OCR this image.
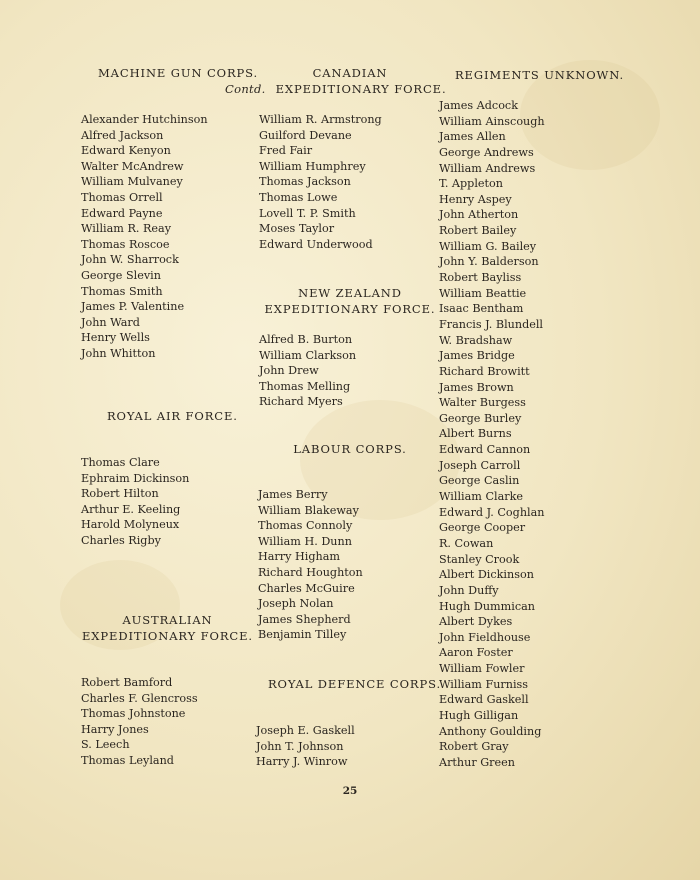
MACHINE GUN CORPS.
Alexander Hutchinson
Alfred Jackson
Edward Kenyon
Walter McAndrew
William Mulvaney
Thomas Orrell
Edward Payne
William R. Reay
Thomas Roscoe
John W. Sharrock
George Slevin
Thomas Smith
James P. Valentine
John Ward
Henry Wells
John Whitton
ROYAL AIR FORCE.
Thomas Clare
Ephraim Dickinson
Robert Hilton
Arthur E. Keeling
Harold Molyneux
Charles Rigby
AUSTRALIAN
EXPEDITIONARY FORCE.
Robert Bamford
Charles F. Glencross
Thomas Johnstone
Harry Jones
S. Leech
Thomas Leyland
CANADIAN
Contd. EXPEDITIONARY FORCE.
William R. Armstrong
Guilford Devane
Fred Fair
William Humphrey
Thomas Jackson
Thomas Lowe
Lovell T. P. Smith
Moses Taylor
Edward Underwood
NEW ZEALAND
EXPEDITIONARY FORCE.
Alfred B. Burton
William Clarkson
John Drew
Thomas Melling
Richard Myers
LABOUR CORPS.
James Berry
William Blakeway
Thomas Connoly
William H. Dunn
Harry Higham
Richard Houghton
Charles McGuire
Joseph Nolan
James Shepherd
Benjamin Tilley
ROYAL DEFENCE CORPS.
Joseph E. Gaskell
John T. Johnson
Harry J. Winrow
REGIMENTS UNKNOWN.
James Adcock
William Ainscough
James Allen
George Andrews
William Andrews
T. Appleton
Henry Aspey
John Atherton
Robert Bailey
William G. Bailey
John Y. Balderson
Robert Bayliss
William Beattie
Isaac Bentham
Francis J. Blundell
W. Bradshaw
James Bridge
Richard Browitt
James Brown
Walter Burgess
George Burley
Albert Burns
Edward Cannon
Joseph Carroll
George Caslin
William Clarke
Edward J. Coghlan
George Cooper
R. Cowan
Stanley Crook
Albert Dickinson
John Duffy
Hugh Dummican
Albert Dykes
John Fieldhouse
Aaron Foster
William Fowler
William Furniss
Edward Gaskell
Hugh Gilligan
Anthony Goulding
Robert Gray
Arthur Green
25
